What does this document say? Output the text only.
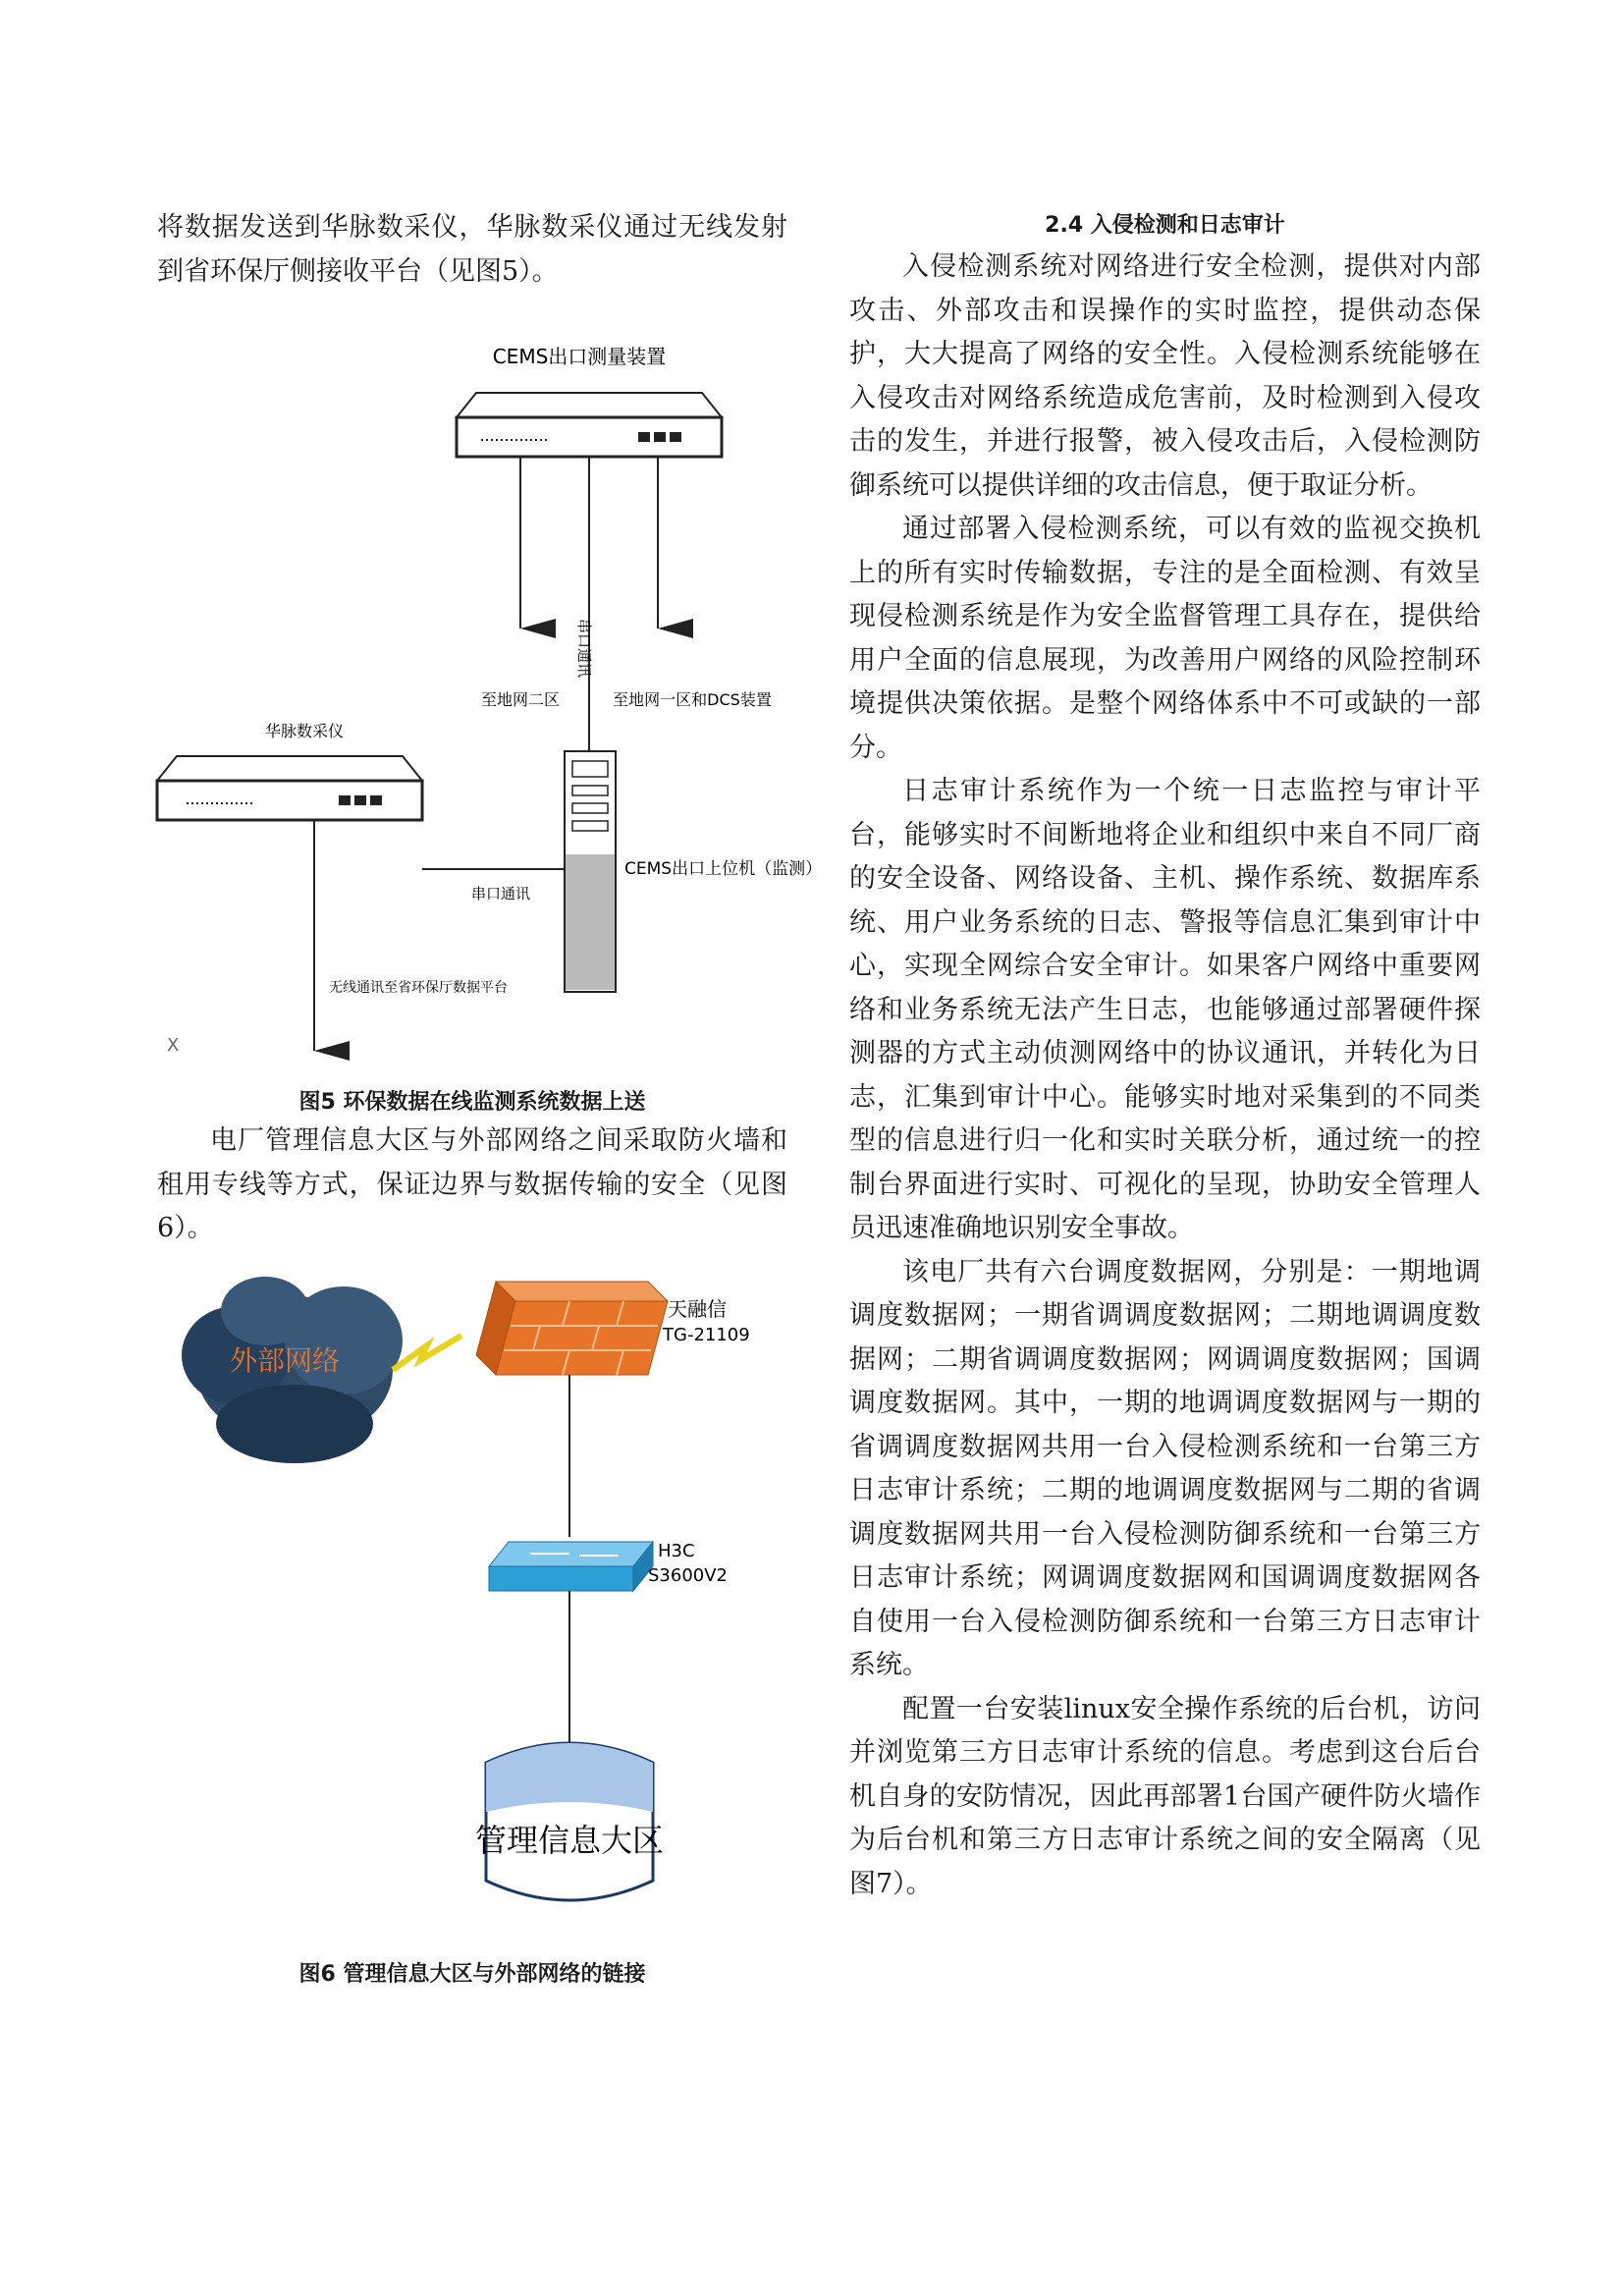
将数据发送到华脉数采仪，华脉数采仪通过无线发射到省环保厅侧接收平台（见图5）。

CEMS出口测量装置
串口通讯
至地网二区	至地网一区和DCS装置
CEMS出口上位机（监测）
华脉数采仪
串口通讯
无线通讯至省环保厅数据平台
X
图5 环保数据在线监测系统数据上送

电厂管理信息大区与外部网络之间采取防火墙和租用专线等方式，保证边界与数据传输的安全（见图6）。

外部网络
天融信
TG-21109
H3C
S3600V2
管理信息大区
图6 管理信息大区与外部网络的链接

2.4 入侵检测和日志审计

入侵检测系统对网络进行安全检测，提供对内部攻击、外部攻击和误操作的实时监控，提供动态保护，大大提高了网络的安全性。入侵检测系统能够在入侵攻击对网络系统造成危害前，及时检测到入侵攻击的发生，并进行报警，被入侵攻击后，入侵检测防御系统可以提供详细的攻击信息，便于取证分析。

通过部署入侵检测系统，可以有效的监视交换机上的所有实时传输数据，专注的是全面检测、有效呈现侵检测系统是作为安全监督管理工具存在，提供给用户全面的信息展现，为改善用户网络的风险控制环境提供决策依据。是整个网络体系中不可或缺的一部分。

日志审计系统作为一个统一日志监控与审计平台，能够实时不间断地将企业和组织中来自不同厂商的安全设备、网络设备、主机、操作系统、数据库系统、用户业务系统的日志、警报等信息汇集到审计中心，实现全网综合安全审计。如果客户网络中重要网络和业务系统无法产生日志，也能够通过部署硬件探测器的方式主动侦测网络中的协议通讯，并转化为日志，汇集到审计中心。能够实时地对采集到的不同类型的信息进行归一化和实时关联分析，通过统一的控制台界面进行实时、可视化的呈现，协助安全管理人员迅速准确地识别安全事故。

该电厂共有六台调度数据网，分别是：一期地调调度数据网；一期省调调度数据网；二期地调调度数据网；二期省调调度数据网；网调调度数据网；国调调度数据网。其中，一期的地调调度数据网与一期的省调调度数据网共用一台入侵检测系统和一台第三方日志审计系统；二期的地调调度数据网与二期的省调调度数据网共用一台入侵检测防御系统和一台第三方日志审计系统；网调调度数据网和国调调度数据网各自使用一台入侵检测防御系统和一台第三方日志审计系统。

配置一台安装linux安全操作系统的后台机，访问并浏览第三方日志审计系统的信息。考虑到这台后台机自身的安防情况，因此再部署1台国产硬件防火墙作为后台机和第三方日志审计系统之间的安全隔离（见图7）。
